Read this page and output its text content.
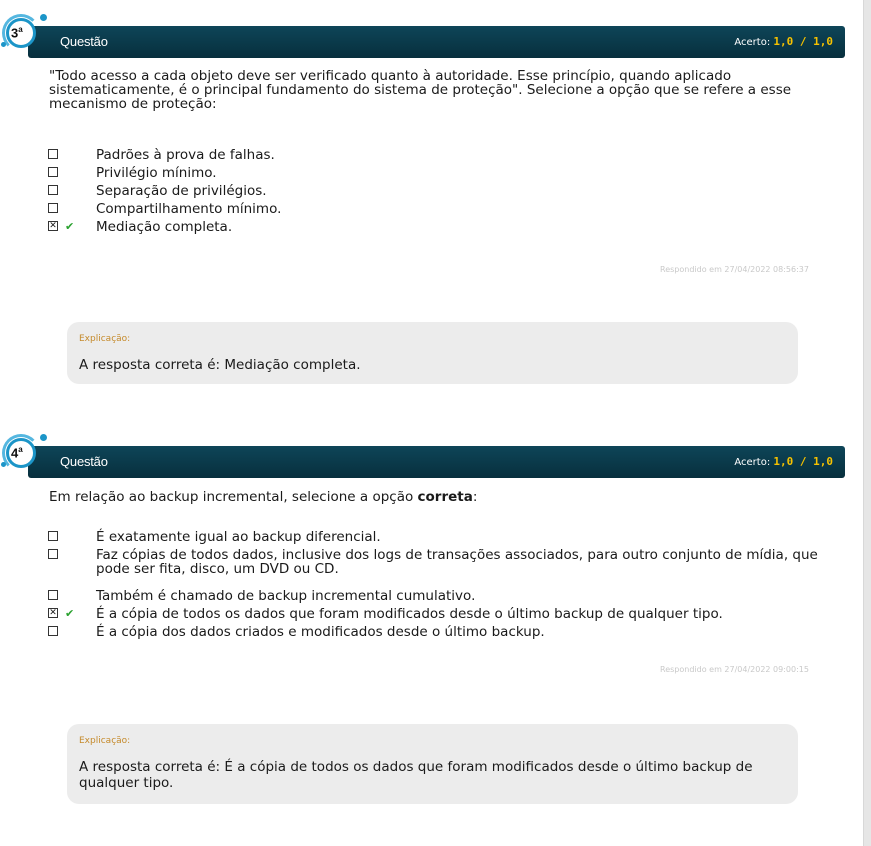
Questão	Acerto: 1,0 / 1,0
3$^a$
"Todo acesso a cada objeto deve ser verificado quanto à autoridade. Esse princípio, quando aplicado sistematicamente, é o principal fundamento do sistema de proteção". Selecione a opção que se refere a esse mecanismo de proteção:
Padrões à prova de falhas.
Privilégio mínimo.
Separação de privilégios.
Compartilhamento mínimo.
✕ ✔ Mediação completa.
Respondido em 27/04/2022 08:56:37
Explicação:
A resposta correta é: Mediação completa.
Questão	Acerto: 1,0 / 1,0
4$^a$
Em relação ao backup incremental, selecione a opção correta:
É exatamente igual ao backup diferencial.
Faz cópias de todos dados, inclusive dos logs de transações associados, para outro conjunto de mídia, que pode ser fita, disco, um DVD ou CD.
Também é chamado de backup incremental cumulativo.
✕ ✔ É a cópia de todos os dados que foram modificados desde o último backup de qualquer tipo.
É a cópia dos dados criados e modificados desde o último backup.
Respondido em 27/04/2022 09:00:15
Explicação:
A resposta correta é: É a cópia de todos os dados que foram modificados desde o último backup de qualquer tipo.
